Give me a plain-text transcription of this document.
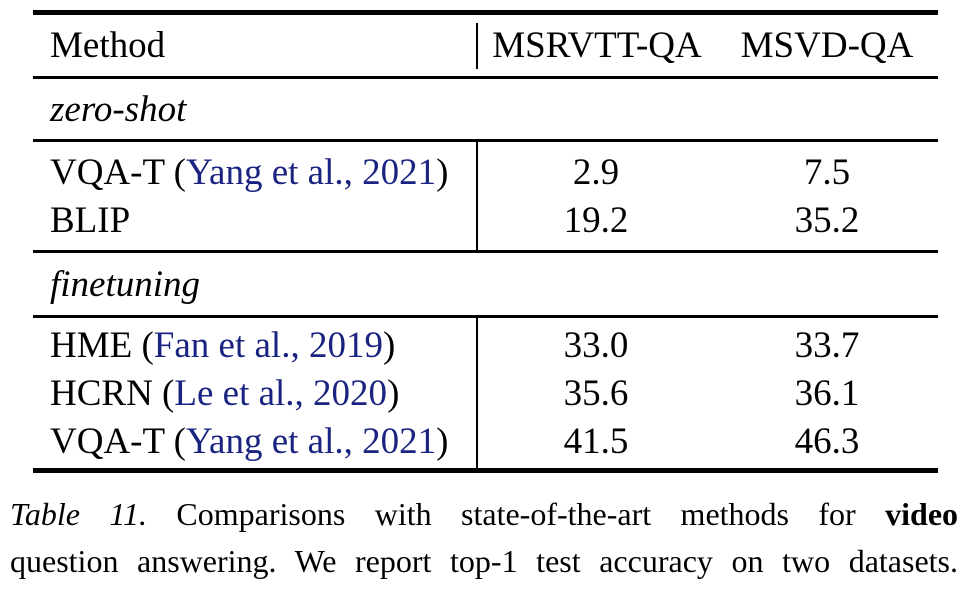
Method	MSRVTT-QA	MSVD-QA
zero-shot
VQA-T (Yang et al., 2021)	2.9	7.5
BLIP	19.2	35.2
finetuning
HME (Fan et al., 2019)	33.0	33.7
HCRN (Le et al., 2020)	35.6	36.1
VQA-T (Yang et al., 2021)	41.5	46.3
Table 11. Comparisons with state-of-the-art methods for video
question answering. We report top-1 test accuracy on two datasets.
